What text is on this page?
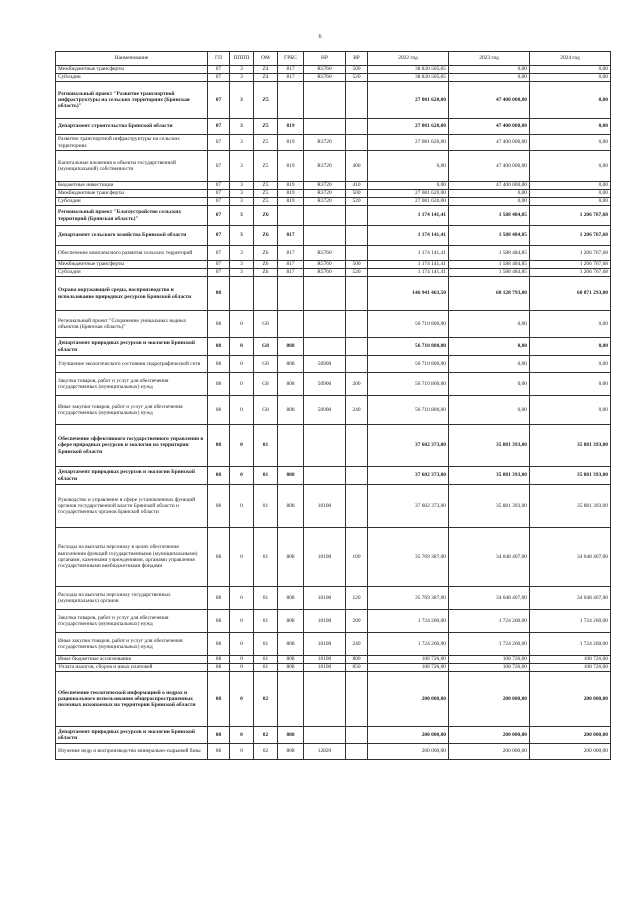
6
Наименование	ГП	ПППП	ОМ	ГРБС	НР	ВР	2022 год	2023 год	2024 год
Межбюджетные трансферты	07	3	Z4	817	R5760	500	38 830 505,05	0,00	0,00
Субсидии	07	3	Z4	817	R5760	520	38 830 505,05	0,00	0,00
Региональный проект "Развитие транспортной инфраструктуры на сельских территориях (Брянская область)"	07	3	Z5				27 081 620,00	47 400 000,00	0,00
Департамент строительства Брянской области	07	3	Z5	819			27 081 620,00	47 400 000,00	0,00
Развитие транспортной инфраструктуры на сельских территориях	07	3	Z5	819	R3720		27 081 620,00	47 400 000,00	0,00
Капитальные вложения в объекты государственной (муниципальной) собственности	07	3	Z5	819	R3720	400	0,00	47 400 000,00	0,00
Бюджетные инвестиции	07	3	Z5	819	R3720	410	0,00	47 400 000,00	0,00
Межбюджетные трансферты	07	3	Z5	819	R3720	500	27 081 620,00	0,00	0,00
Субсидии	07	3	Z5	819	R3720	520	27 081 620,00	0,00	0,00
Региональный проект "Благоустройство сельских территорий (Брянская область)"	07	3	Z6				1 174 141,41	1 588 484,85	1 206 767,68
Департамент сельского хозяйства Брянской области	07	3	Z6	817			1 174 141,41	1 588 484,85	1 206 767,68
Обеспечение комплексного развития сельских территорий	07	3	Z6	817	R5760		1 174 141,41	1 588 484,85	1 206 767,68
Межбюджетные трансферты	07	3	Z6	817	R5760	500	1 174 141,41	1 588 484,85	1 206 767,68
Субсидии	07	3	Z6	817	R5760	520	1 174 141,41	1 588 484,85	1 206 767,68
Охрана окружающей среды, воспроизводство и использование природных ресурсов Брянской области	08						146 941 463,50	60 128 793,00	60 871 293,00
Региональный проект "Сохранение уникальных водных объектов (Брянская область)"	08	0	G8				56 710 800,00	0,00	0,00
Департамент природных ресурсов и экологии Брянской области	08	0	G8	808			56 710 800,00	0,00	0,00
Улучшение экологического состояния гидрографической сети	08	0	G8	808	50900		56 710 800,00	0,00	0,00
Закупка товаров, работ и услуг для обеспечения государственных (муниципальных) нужд	08	0	G8	808	50900	200	56 710 800,00	0,00	0,00
Иные закупки товаров, работ и услуг для обеспечения государственных (муниципальных) нужд	08	0	G8	808	50900	240	56 710 800,00	0,00	0,00
Обеспечение эффективного государственного управления в сфере природных ресурсов и экологии на территории Брянской области	08	0	01				37 602 373,00	35 881 393,00	35 881 393,00
Департамент природных ресурсов и экологии Брянской области	08	0	01	808			37 602 373,00	35 881 393,00	35 881 393,00
Руководство и управление в сфере установленных функций органов государственной власти Брянской области и государственных органов Брянской области	08	0	01	808	10100		37 602 373,00	35 881 393,00	35 881 393,00
Расходы на выплаты персоналу в целях обеспечения выполнения функций государственными (муниципальными) органами, казенными учреждениями, органами управления государственными внебюджетными фондами	08	0	01	808	10100	100	35 769 387,00	34 048 407,00	34 048 407,00
Расходы на выплаты персоналу государственных (муниципальных) органов	08	0	01	808	10100	120	35 769 387,00	34 048 407,00	34 048 407,00
Закупка товаров, работ и услуг для обеспечения государственных (муниципальных) нужд	08	0	01	808	10100	200	1 724 260,00	1 724 260,00	1 724 260,00
Иные закупки товаров, работ и услуг для обеспечения государственных (муниципальных) нужд	08	0	01	808	10100	240	1 724 260,00	1 724 260,00	1 724 260,00
Иные бюджетные ассигнования	08	0	01	808	10100	800	108 726,00	108 726,00	108 726,00
Уплата налогов, сборов и иных платежей	08	0	01	808	10100	850	108 726,00	108 726,00	108 726,00
Обеспечение геологической информацией о недрах и рационального использования общераспространенных полезных ископаемых на территории Брянской области	08	0	02				200 000,00	200 000,00	200 000,00
Департамент природных ресурсов и экологии Брянской области	08	0	02	808			200 000,00	200 000,00	200 000,00
Изучение недр и воспроизводство минерально-сырьевой базы	08	0	02	808	12820		200 000,00	200 000,00	200 000,00
